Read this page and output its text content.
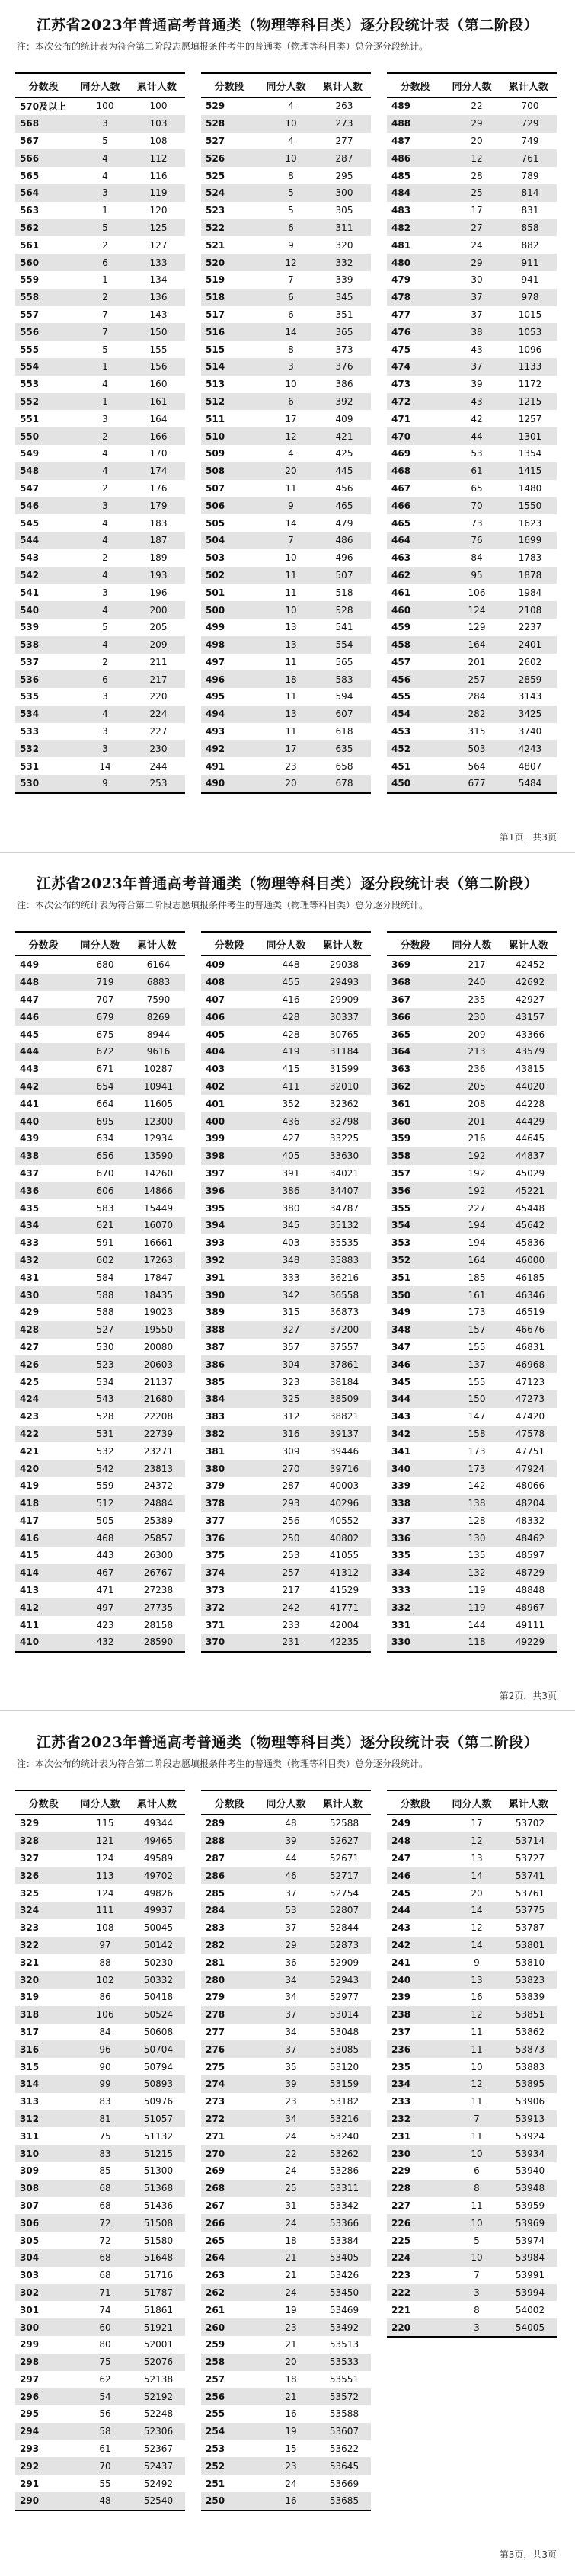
江苏省2023年普通高考普通类（物理等科目类）逐分段统计表（第二阶段）
注：本次公布的统计表为符合第二阶段志愿填报条件考生的普通类（物理等科目类）总分逐分段统计。
分数段	同分人数	累计人数
570及以上	100	100
568	3	103
567	5	108
566	4	112
565	4	116
564	3	119
563	1	120
562	5	125
561	2	127
560	6	133
559	1	134
558	2	136
557	7	143
556	7	150
555	5	155
554	1	156
553	4	160
552	1	161
551	3	164
550	2	166
549	4	170
548	4	174
547	2	176
546	3	179
545	4	183
544	4	187
543	2	189
542	4	193
541	3	196
540	4	200
539	5	205
538	4	209
537	2	211
536	6	217
535	3	220
534	4	224
533	3	227
532	3	230
531	14	244
530	9	253
分数段	同分人数	累计人数
529	4	263
528	10	273
527	4	277
526	10	287
525	8	295
524	5	300
523	5	305
522	6	311
521	9	320
520	12	332
519	7	339
518	6	345
517	6	351
516	14	365
515	8	373
514	3	376
513	10	386
512	6	392
511	17	409
510	12	421
509	4	425
508	20	445
507	11	456
506	9	465
505	14	479
504	7	486
503	10	496
502	11	507
501	11	518
500	10	528
499	13	541
498	13	554
497	11	565
496	18	583
495	11	594
494	13	607
493	11	618
492	17	635
491	23	658
490	20	678
分数段	同分人数	累计人数
489	22	700
488	29	729
487	20	749
486	12	761
485	28	789
484	25	814
483	17	831
482	27	858
481	24	882
480	29	911
479	30	941
478	37	978
477	37	1015
476	38	1053
475	43	1096
474	37	1133
473	39	1172
472	43	1215
471	42	1257
470	44	1301
469	53	1354
468	61	1415
467	65	1480
466	70	1550
465	73	1623
464	76	1699
463	84	1783
462	95	1878
461	106	1984
460	124	2108
459	129	2237
458	164	2401
457	201	2602
456	257	2859
455	284	3143
454	282	3425
453	315	3740
452	503	4243
451	564	4807
450	677	5484
第1页，共3页
江苏省2023年普通高考普通类（物理等科目类）逐分段统计表（第二阶段）
注：本次公布的统计表为符合第二阶段志愿填报条件考生的普通类（物理等科目类）总分逐分段统计。
分数段	同分人数	累计人数
449	680	6164
448	719	6883
447	707	7590
446	679	8269
445	675	8944
444	672	9616
443	671	10287
442	654	10941
441	664	11605
440	695	12300
439	634	12934
438	656	13590
437	670	14260
436	606	14866
435	583	15449
434	621	16070
433	591	16661
432	602	17263
431	584	17847
430	588	18435
429	588	19023
428	527	19550
427	530	20080
426	523	20603
425	534	21137
424	543	21680
423	528	22208
422	531	22739
421	532	23271
420	542	23813
419	559	24372
418	512	24884
417	505	25389
416	468	25857
415	443	26300
414	467	26767
413	471	27238
412	497	27735
411	423	28158
410	432	28590
分数段	同分人数	累计人数
409	448	29038
408	455	29493
407	416	29909
406	428	30337
405	428	30765
404	419	31184
403	415	31599
402	411	32010
401	352	32362
400	436	32798
399	427	33225
398	405	33630
397	391	34021
396	386	34407
395	380	34787
394	345	35132
393	403	35535
392	348	35883
391	333	36216
390	342	36558
389	315	36873
388	327	37200
387	357	37557
386	304	37861
385	323	38184
384	325	38509
383	312	38821
382	316	39137
381	309	39446
380	270	39716
379	287	40003
378	293	40296
377	256	40552
376	250	40802
375	253	41055
374	257	41312
373	217	41529
372	242	41771
371	233	42004
370	231	42235
分数段	同分人数	累计人数
369	217	42452
368	240	42692
367	235	42927
366	230	43157
365	209	43366
364	213	43579
363	236	43815
362	205	44020
361	208	44228
360	201	44429
359	216	44645
358	192	44837
357	192	45029
356	192	45221
355	227	45448
354	194	45642
353	194	45836
352	164	46000
351	185	46185
350	161	46346
349	173	46519
348	157	46676
347	155	46831
346	137	46968
345	155	47123
344	150	47273
343	147	47420
342	158	47578
341	173	47751
340	173	47924
339	142	48066
338	138	48204
337	128	48332
336	130	48462
335	135	48597
334	132	48729
333	119	48848
332	119	48967
331	144	49111
330	118	49229
第2页，共3页
江苏省2023年普通高考普通类（物理等科目类）逐分段统计表（第二阶段）
注：本次公布的统计表为符合第二阶段志愿填报条件考生的普通类（物理等科目类）总分逐分段统计。
分数段	同分人数	累计人数
329	115	49344
328	121	49465
327	124	49589
326	113	49702
325	124	49826
324	111	49937
323	108	50045
322	97	50142
321	88	50230
320	102	50332
319	86	50418
318	106	50524
317	84	50608
316	96	50704
315	90	50794
314	99	50893
313	83	50976
312	81	51057
311	75	51132
310	83	51215
309	85	51300
308	68	51368
307	68	51436
306	72	51508
305	72	51580
304	68	51648
303	68	51716
302	71	51787
301	74	51861
300	60	51921
299	80	52001
298	75	52076
297	62	52138
296	54	52192
295	56	52248
294	58	52306
293	61	52367
292	70	52437
291	55	52492
290	48	52540
分数段	同分人数	累计人数
289	48	52588
288	39	52627
287	44	52671
286	46	52717
285	37	52754
284	53	52807
283	37	52844
282	29	52873
281	36	52909
280	34	52943
279	34	52977
278	37	53014
277	34	53048
276	37	53085
275	35	53120
274	39	53159
273	23	53182
272	34	53216
271	24	53240
270	22	53262
269	24	53286
268	25	53311
267	31	53342
266	24	53366
265	18	53384
264	21	53405
263	21	53426
262	24	53450
261	19	53469
260	23	53492
259	21	53513
258	20	53533
257	18	53551
256	21	53572
255	16	53588
254	19	53607
253	15	53622
252	23	53645
251	24	53669
250	16	53685
分数段	同分人数	累计人数
249	17	53702
248	12	53714
247	13	53727
246	14	53741
245	20	53761
244	14	53775
243	12	53787
242	14	53801
241	9	53810
240	13	53823
239	16	53839
238	12	53851
237	11	53862
236	11	53873
235	10	53883
234	12	53895
233	11	53906
232	7	53913
231	11	53924
230	10	53934
229	6	53940
228	8	53948
227	11	53959
226	10	53969
225	5	53974
224	10	53984
223	7	53991
222	3	53994
221	8	54002
220	3	54005
第3页，共3页
